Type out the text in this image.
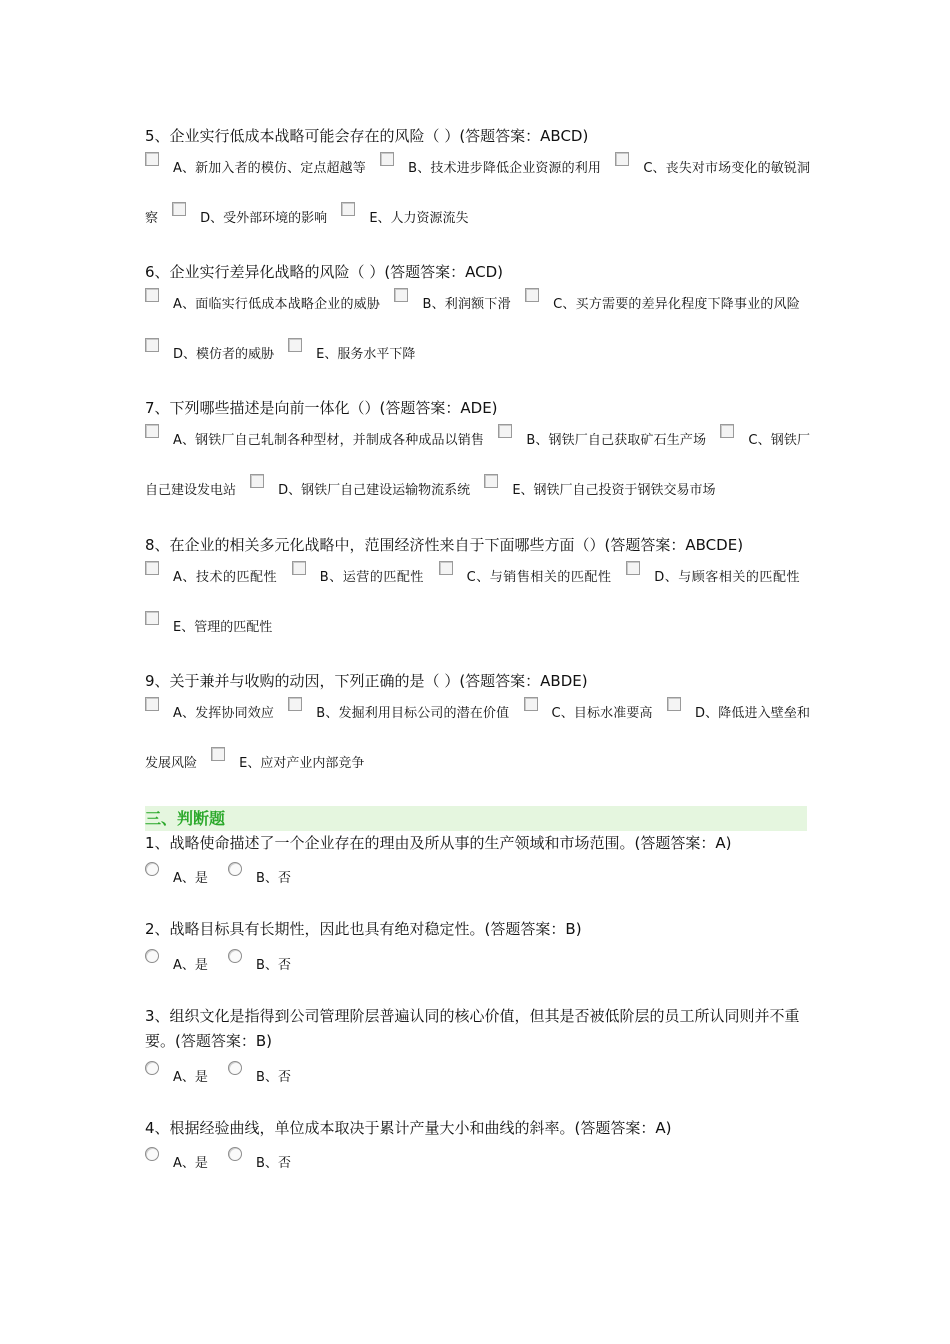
5、企业实行低成本战略可能会存在的风险（ ）(答题答案：ABCD)
A、新加入者的模仿、定点超越等	B、技术进步降低企业资源的利用	C、丧失对市场变化的敏锐洞察	D、受外部环境的影响	E、人力资源流失
6、企业实行差异化战略的风险（ ）(答题答案：ACD)
A、面临实行低成本战略企业的威胁	B、利润额下滑	C、买方需要的差异化程度下降事业的风险 D、模仿者的威胁	E、服务水平下降
7、下列哪些描述是向前一体化（）(答题答案：ADE)
A、钢铁厂自己轧制各种型材，并制成各种成品以销售	B、钢铁厂自己获取矿石生产场	C、钢铁厂自己建设发电站	D、钢铁厂自己建设运输物流系统	E、钢铁厂自己投资于钢铁交易市场
8、在企业的相关多元化战略中，范围经济性来自于下面哪些方面（）(答题答案：ABCDE)
A、技术的匹配性	B、运营的匹配性	C、与销售相关的匹配性	D、与顾客相关的匹配性 E、管理的匹配性
9、关于兼并与收购的动因，下列正确的是（ ）(答题答案：ABDE)
A、发挥协同效应	B、发掘利用目标公司的潜在价值	C、目标水准要高	D、降低进入壁垒和发展风险	E、应对产业内部竞争
三、判断题
1、战略使命描述了一个企业存在的理由及所从事的生产领域和市场范围。(答题答案：A)
A、是	B、否
2、战略目标具有长期性，因此也具有绝对稳定性。(答题答案：B)
A、是	B、否
3、组织文化是指得到公司管理阶层普遍认同的核心价值，但其是否被低阶层的员工所认同则并不重要。(答题答案：B)
A、是	B、否
4、根据经验曲线，单位成本取决于累计产量大小和曲线的斜率。(答题答案：A)
A、是	B、否
